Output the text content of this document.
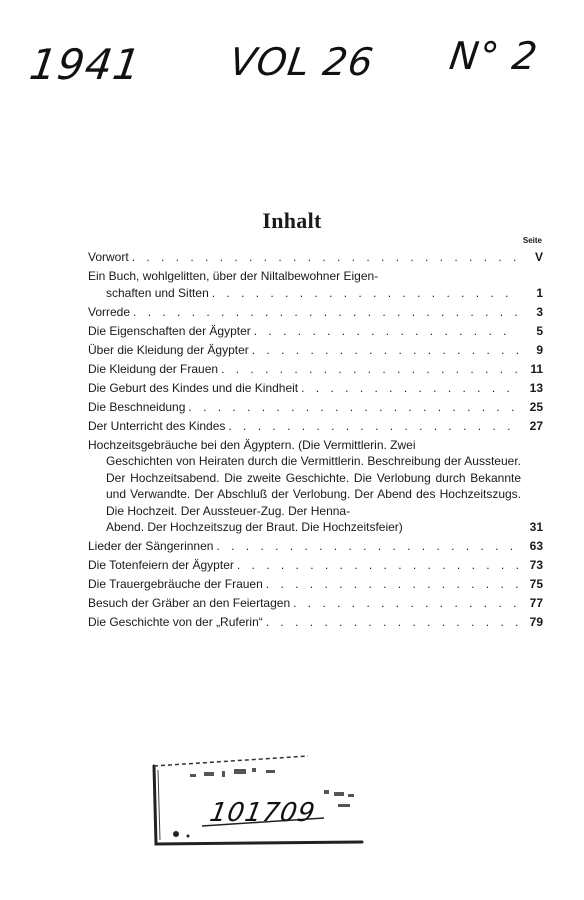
1941 VOL 26 N° 2
Inhalt
Seite
Vorwort . . .	V
Ein Buch, wohlgelitten, über der Niltalbewohner Eigen-
schaften und Sitten . . .	1
Vorrede . . .	3
Die Eigenschaften der Ägypter . . .	5
Über die Kleidung der Ägypter . . .	9
Die Kleidung der Frauen . . .	11
Die Geburt des Kindes und die Kindheit . . .	13
Die Beschneidung . . .	25
Der Unterricht des Kindes . . .	27
Hochzeitsgebräuche bei den Ägyptern. (Die Vermittlerin. Zwei
Geschichten von Heiraten durch die Vermittlerin. Beschreibung der Aussteuer. Der Hochzeitsabend. Die zweite Geschichte. Die Verlobung durch Bekannte und Verwandte. Der Abschluß der Verlobung. Der Abend des Hochzeitszugs. Die Hochzeit. Der Aussteuer-Zug. Der Henna-
Abend. Der Hochzeitszug der Braut. Die Hochzeitsfeier)	31
Lieder der Sängerinnen . . .	63
Die Totenfeiern der Ägypter . . .	73
Die Trauergebräuche der Frauen . . .	75
Besuch der Gräber an den Feiertagen . . .	77
Die Geschichte von der „Ruferin“ . . .	79
101709
